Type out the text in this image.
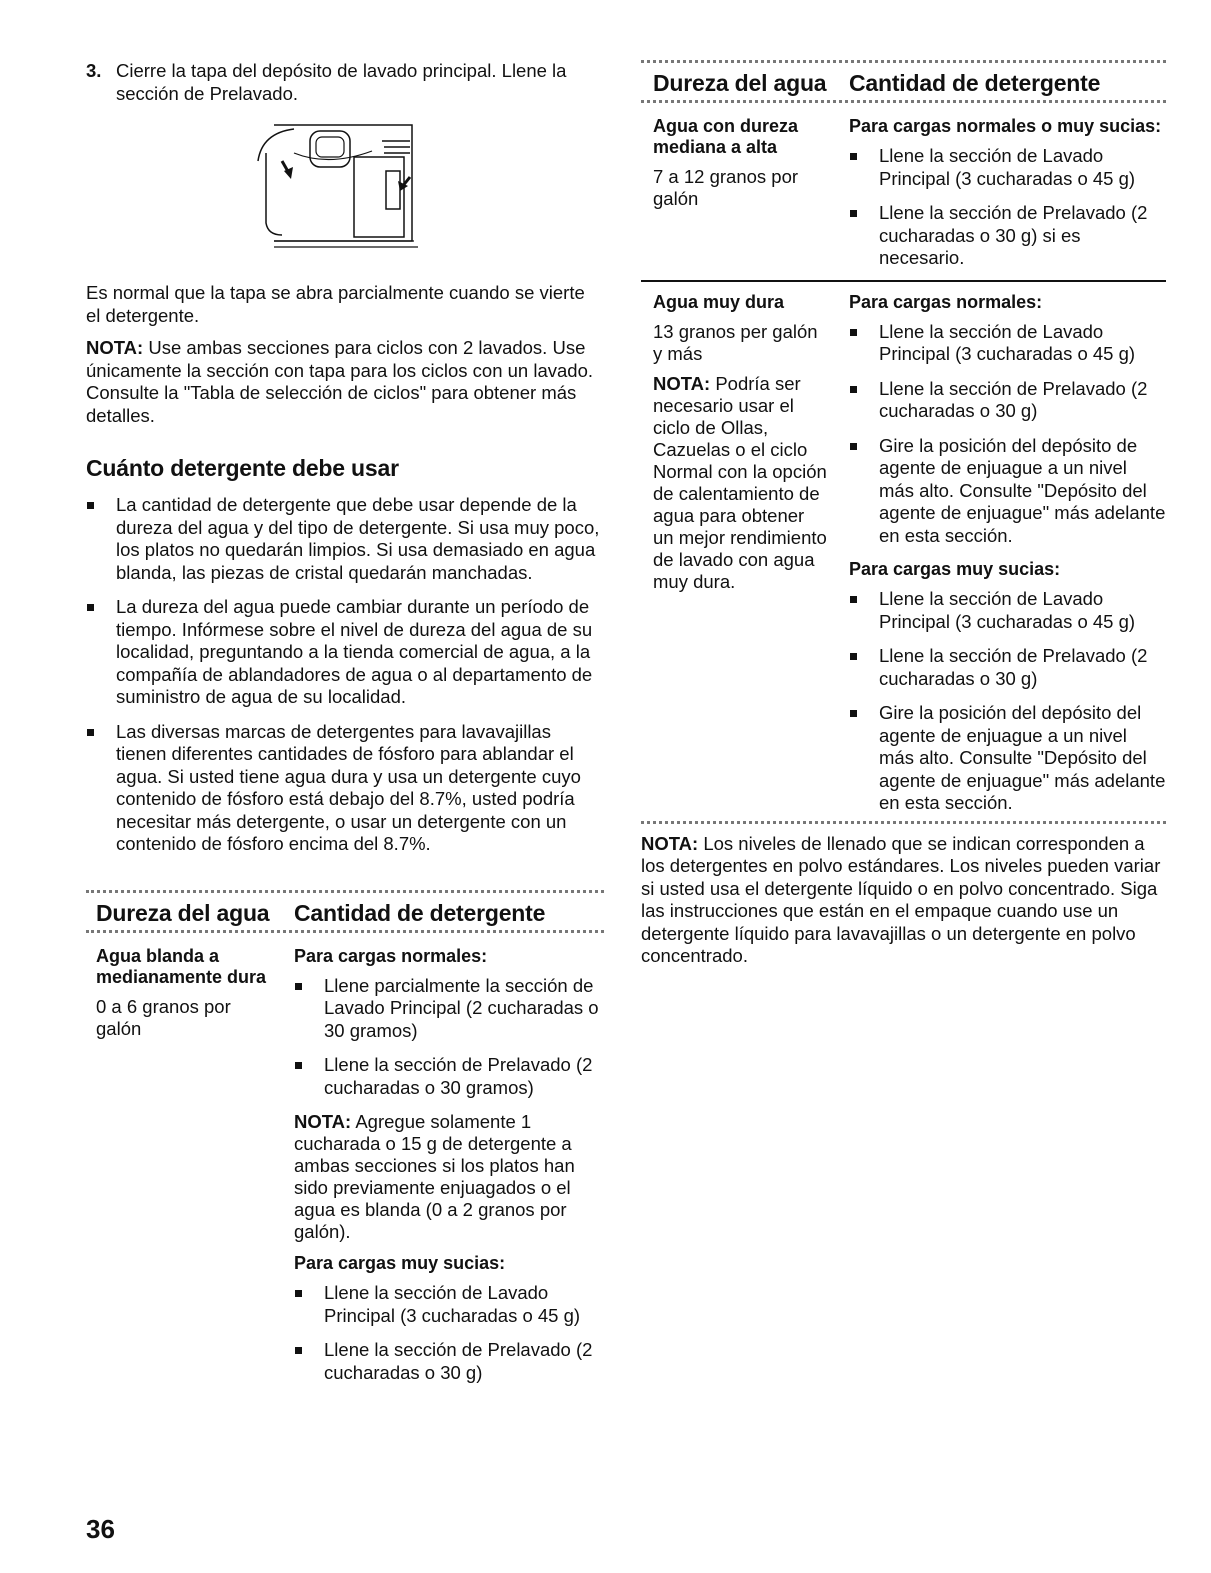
3. Cierre la tapa del depósito de lavado principal. Llene la sección de Prelavado.
Es normal que la tapa se abra parcialmente cuando se vierte el detergente.
NOTA: Use ambas secciones para ciclos con 2 lavados. Use únicamente la sección con tapa para los ciclos con un lavado. Consulte la "Tabla de selección de ciclos" para obtener más detalles.
Cuánto detergente debe usar
La cantidad de detergente que debe usar depende de la dureza del agua y del tipo de detergente. Si usa muy poco, los platos no quedarán limpios. Si usa demasiado en agua blanda, las piezas de cristal quedarán manchadas.
La dureza del agua puede cambiar durante un período de tiempo. Infórmese sobre el nivel de dureza del agua de su localidad, preguntando a la tienda comercial de agua, a la compañía de ablandadores de agua o al departamento de suministro de agua de su localidad.
Las diversas marcas de detergentes para lavavajillas tienen diferentes cantidades de fósforo para ablandar el agua. Si usted tiene agua dura y usa un detergente cuyo contenido de fósforo está debajo del 8.7%, usted podría necesitar más detergente, o usar un detergente con un contenido de fósforo encima del 8.7%.
Dureza del agua	Cantidad de detergente
Agua blanda a medianamente dura
0 a 6 granos por galón
Para cargas normales:
Llene parcialmente la sección de Lavado Principal (2 cucharadas o 30 gramos)
Llene la sección de Prelavado (2 cucharadas o 30 gramos)
NOTA: Agregue solamente 1 cucharada o 15 g de detergente a ambas secciones si los platos han sido previamente enjuagados o el agua es blanda (0 a 2 granos por galón).
Para cargas muy sucias:
Llene la sección de Lavado Principal (3 cucharadas o 45 g)
Llene la sección de Prelavado (2 cucharadas o 30 g)
Dureza del agua Cantidad de detergente
Agua con dureza mediana a alta
7 a 12 granos por galón
Para cargas normales o muy sucias:
Llene la sección de Lavado Principal (3 cucharadas o 45 g)
Llene la sección de Prelavado (2 cucharadas o 30 g) si es necesario.
Agua muy dura
13 granos per galón y más
NOTA: Podría ser necesario usar el ciclo de Ollas, Cazuelas o el ciclo Normal con la opción de calentamiento de agua para obtener un mejor rendimiento de lavado con agua muy dura.
Para cargas normales:
Llene la sección de Lavado Principal (3 cucharadas o 45 g)
Llene la sección de Prelavado (2 cucharadas o 30 g)
Gire la posición del depósito de agente de enjuague a un nivel más alto. Consulte "Depósito del agente de enjuague" más adelante en esta sección.
Para cargas muy sucias:
Llene la sección de Lavado Principal (3 cucharadas o 45 g)
Llene la sección de Prelavado (2 cucharadas o 30 g)
Gire la posición del depósito del agente de enjuague a un nivel más alto. Consulte "Depósito del agente de enjuague" más adelante en esta sección.
NOTA: Los niveles de llenado que se indican corresponden a los detergentes en polvo estándares. Los niveles pueden variar si usted usa el detergente líquido o en polvo concentrado. Siga las instrucciones que están en el empaque cuando use un detergente líquido para lavavajillas o un detergente en polvo concentrado.
36
